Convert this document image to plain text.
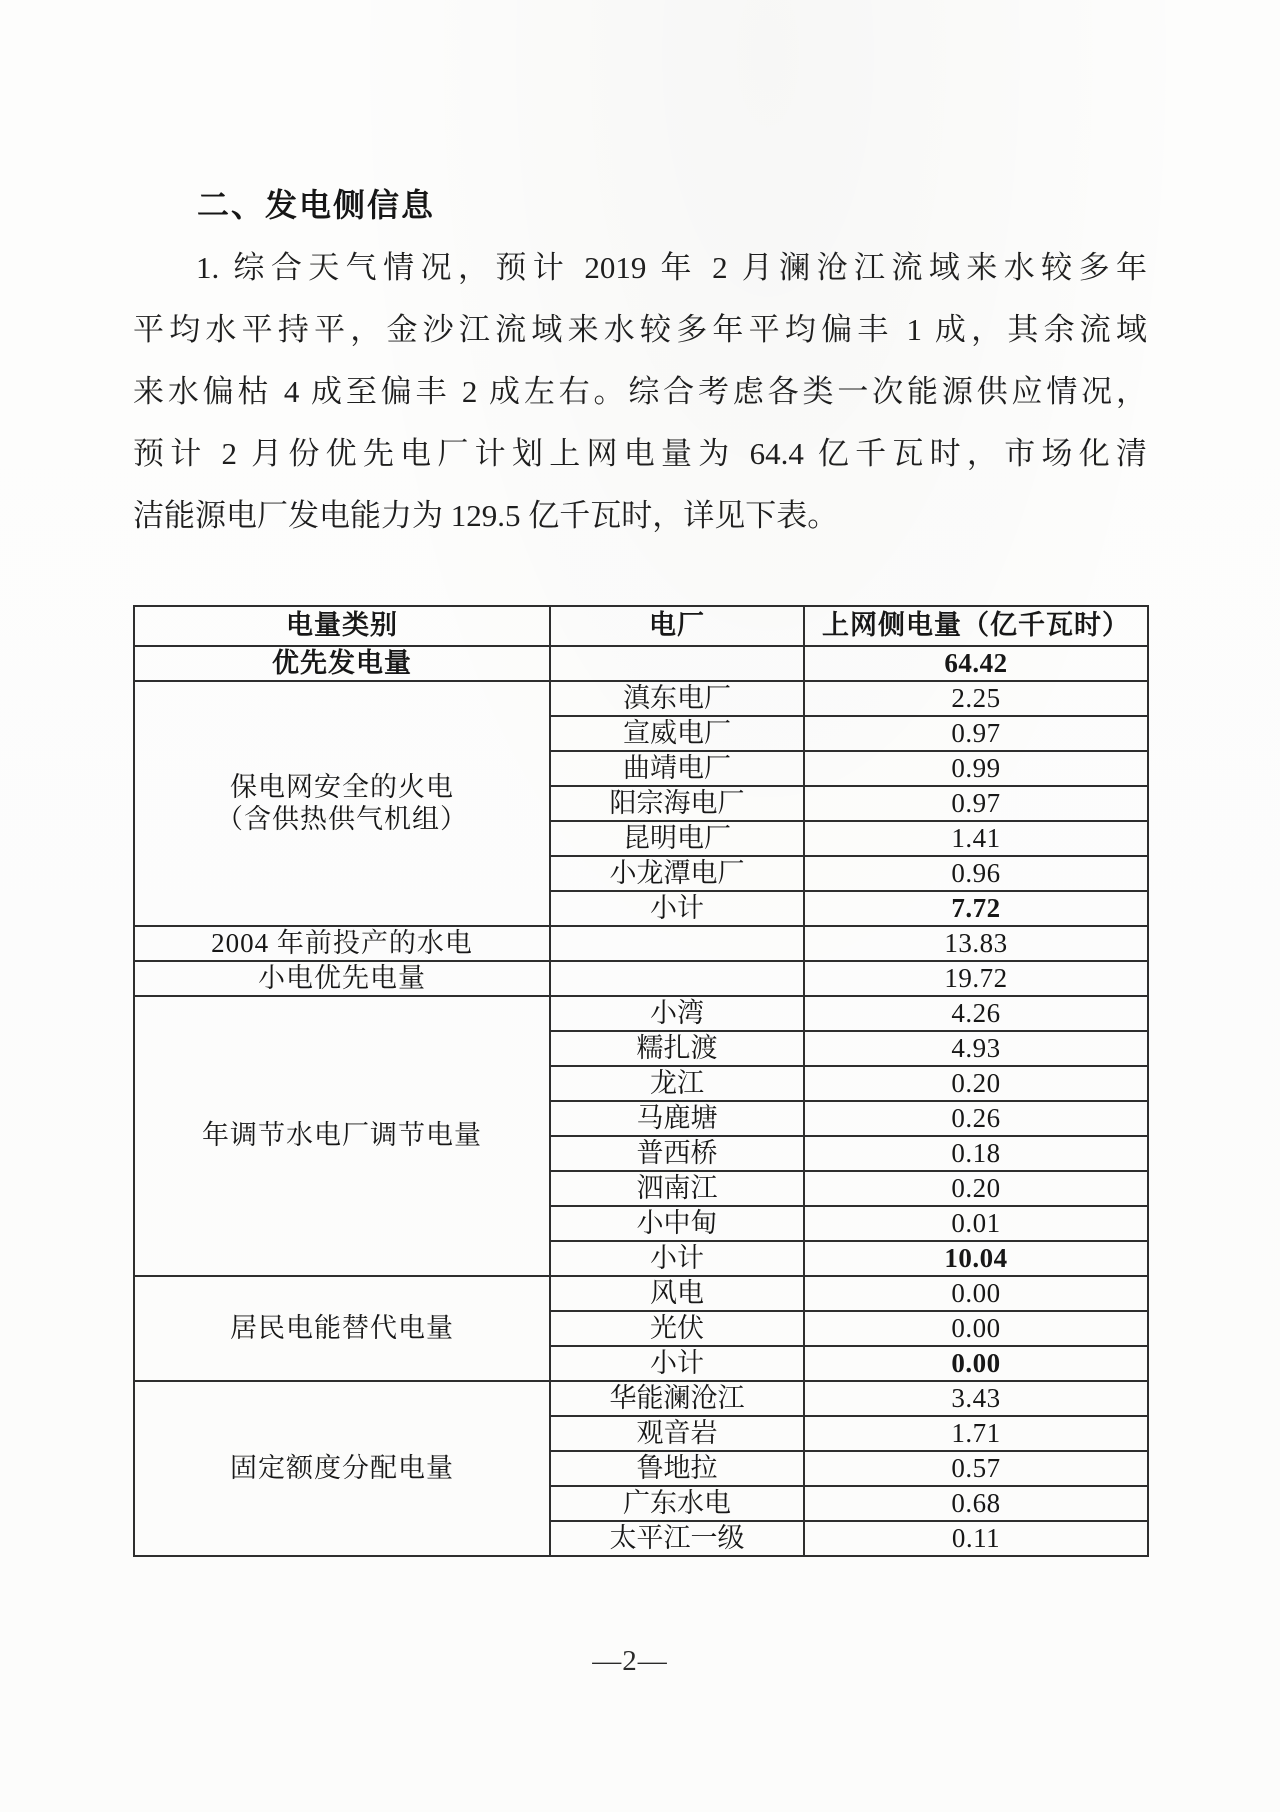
二、发电侧信息
1. 综合天气情况，预计 2019 年 2 月澜沧江流域来水较多年
平均水平持平，金沙江流域来水较多年平均偏丰 1 成，其余流域
来水偏枯 4 成至偏丰 2 成左右。综合考虑各类一次能源供应情况，
预计 2 月份优先电厂计划上网电量为 64.4 亿千瓦时，市场化清
洁能源电厂发电能力为 129.5 亿千瓦时，详见下表。
电量类别	电厂	上网侧电量（亿千瓦时）
优先发电量		64.42
保电网安全的火电
（含供热供气机组）	滇东电厂	2.25
	宣威电厂	0.97
	曲靖电厂	0.99
	阳宗海电厂	0.97
	昆明电厂	1.41
	小龙潭电厂	0.96
	小计	7.72
2004 年前投产的水电		13.83
小电优先电量		19.72
年调节水电厂调节电量	小湾	4.26
	糯扎渡	4.93
	龙江	0.20
	马鹿塘	0.26
	普西桥	0.18
	泗南江	0.20
	小中甸	0.01
	小计	10.04
居民电能替代电量	风电	0.00
	光伏	0.00
	小计	0.00
固定额度分配电量	华能澜沧江	3.43
	观音岩	1.71
	鲁地拉	0.57
	广东水电	0.68
	太平江一级	0.11
—2—
